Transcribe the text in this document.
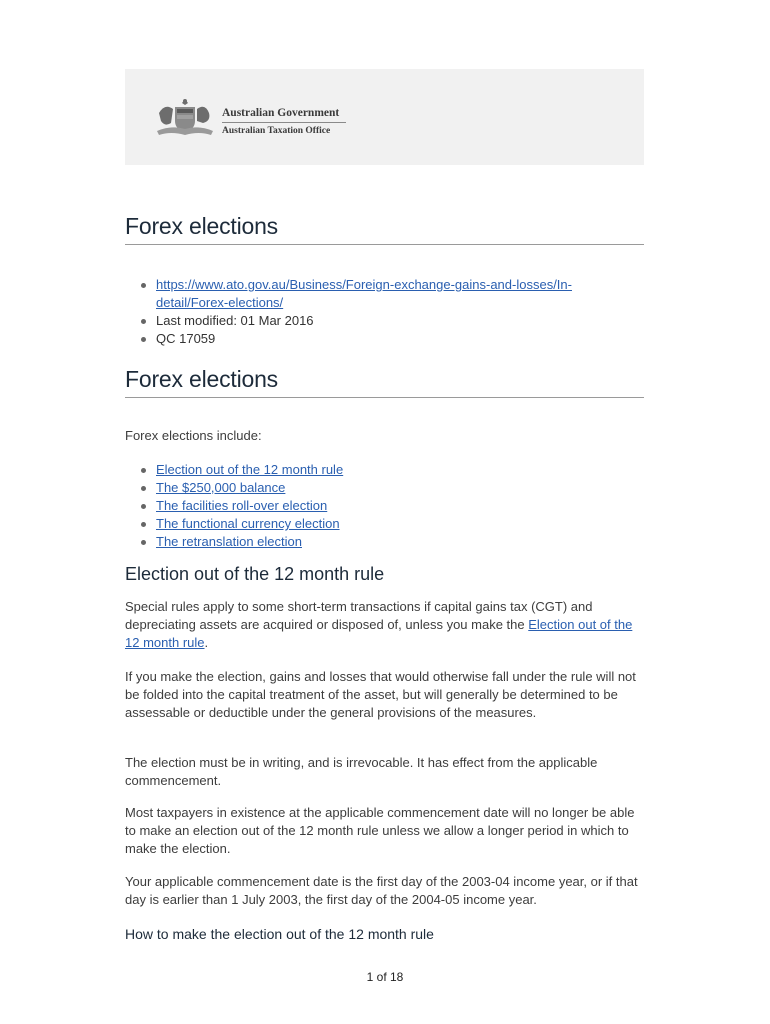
Australian Government
Australian Taxation Office
Forex elections
https://www.ato.gov.au/Business/Foreign-exchange-gains-and-losses/In-
detail/Forex-elections/
Last modified: 01 Mar 2016
QC 17059
Forex elections
Forex elections include:
Election out of the 12 month rule
The $250,000 balance
The facilities roll-over election
The functional currency election
The retranslation election
Election out of the 12 month rule
Special rules apply to some short-term transactions if capital gains tax (CGT) and depreciating assets are acquired or disposed of, unless you make the Election out of the 12 month rule.
If you make the election, gains and losses that would otherwise fall under the rule will not be folded into the capital treatment of the asset, but will generally be determined to be assessable or deductible under the general provisions of the measures.
The election must be in writing, and is irrevocable. It has effect from the applicable commencement.
Most taxpayers in existence at the applicable commencement date will no longer be able to make an election out of the 12 month rule unless we allow a longer period in which to make the election.
Your applicable commencement date is the first day of the 2003-04 income year, or if that day is earlier than 1 July 2003, the first day of the 2004-05 income year.
How to make the election out of the 12 month rule
1 of 18
